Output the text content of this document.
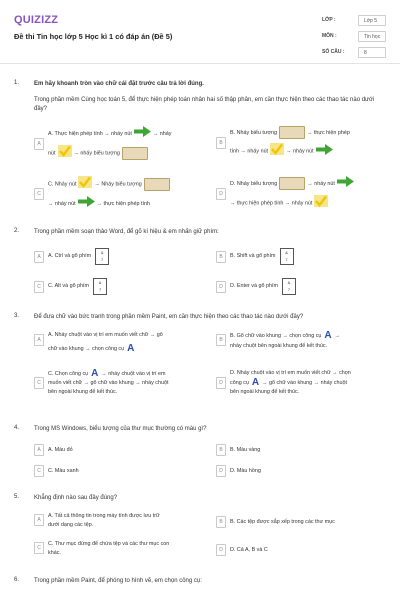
QUIZIZZ
Đề thi Tin học lớp 5 Học kì 1 có đáp án (Đề 5)
LỚP :	Lớp 5
MÔN :	Tin học
SỐ CÂU :	8
1. Em hãy khoanh tròn vào chữ cái đặt trước câu trả lời đúng.
Trong phần mềm Cùng học toán 5, để thực hiện phép toán nhân hai số thập phân, em cần thực hiện theo các thao tác nào dưới đây?
A
A. Thực hiện phép tính → nháy nút	→ nháy
nút	→ nháy biểu tượng
B
B. Nháy biểu tượng	→ thực hiện phép
tính → nháy nút	→ nháy nút
C
C. Nháy nút	→ Nháy biểu tượng
→ nháy nút	→ thực hiện phép tính
D
D. Nháy biểu tượng	→ nháy nút
→ thực hiện phép tính → nháy nút
2. Trong phần mềm soạn thảo Word, để gõ kí hiệu & em nhấn giữ phím:
A	A. Ctrl và gõ phím
&
7	B	B. Shift và gõ phím
&
7
C	C. Alt và gõ phím
&
7	D	D. Enter và gõ phím
&
7
3. Để đưa chữ vào bức tranh trong phần mềm Paint, em cần thực hiện theo các thao tác nào dưới đây?
A
A. Nháy chuột vào vị trí em muốn viết chữ → gõ
chữ vào khung → chọn công cụ A
B
B. Gõ chữ vào khung → chọn công cụ A →
nháy chuột bên ngoài khung để kết thúc.
C
C. Chọn công cụ A → nháy chuột vào vị trí em
muốn viết chữ → gõ chữ vào khung → nháy chuột
bên ngoài khung để kết thúc.
D
D. Nháy chuột vào vị trí em muốn viết chữ → chọn
công cụ A → gõ chữ vào khung → nháy chuột
bên ngoài khung để kết thúc.
4. Trong MS Windows, biểu tượng của thư mục thường có màu gì?
A	A. Màu đỏ	B	B. Màu vàng
C	C. Màu xanh	D	D. Màu hồng
5. Khẳng định nào sau đây đúng?
A
A. Tất cả thông tin trong máy tính được lưu trữ
dưới dạng các tệp.	B	B. Các tệp được sắp xếp trong các thư mục
C
C. Thư mục đứng để chứa tệp và các thư mục con
khác.	D	D. Cả A, B và C
6. Trong phần mềm Paint, để phóng to hình vẽ, em chọn công cụ:
